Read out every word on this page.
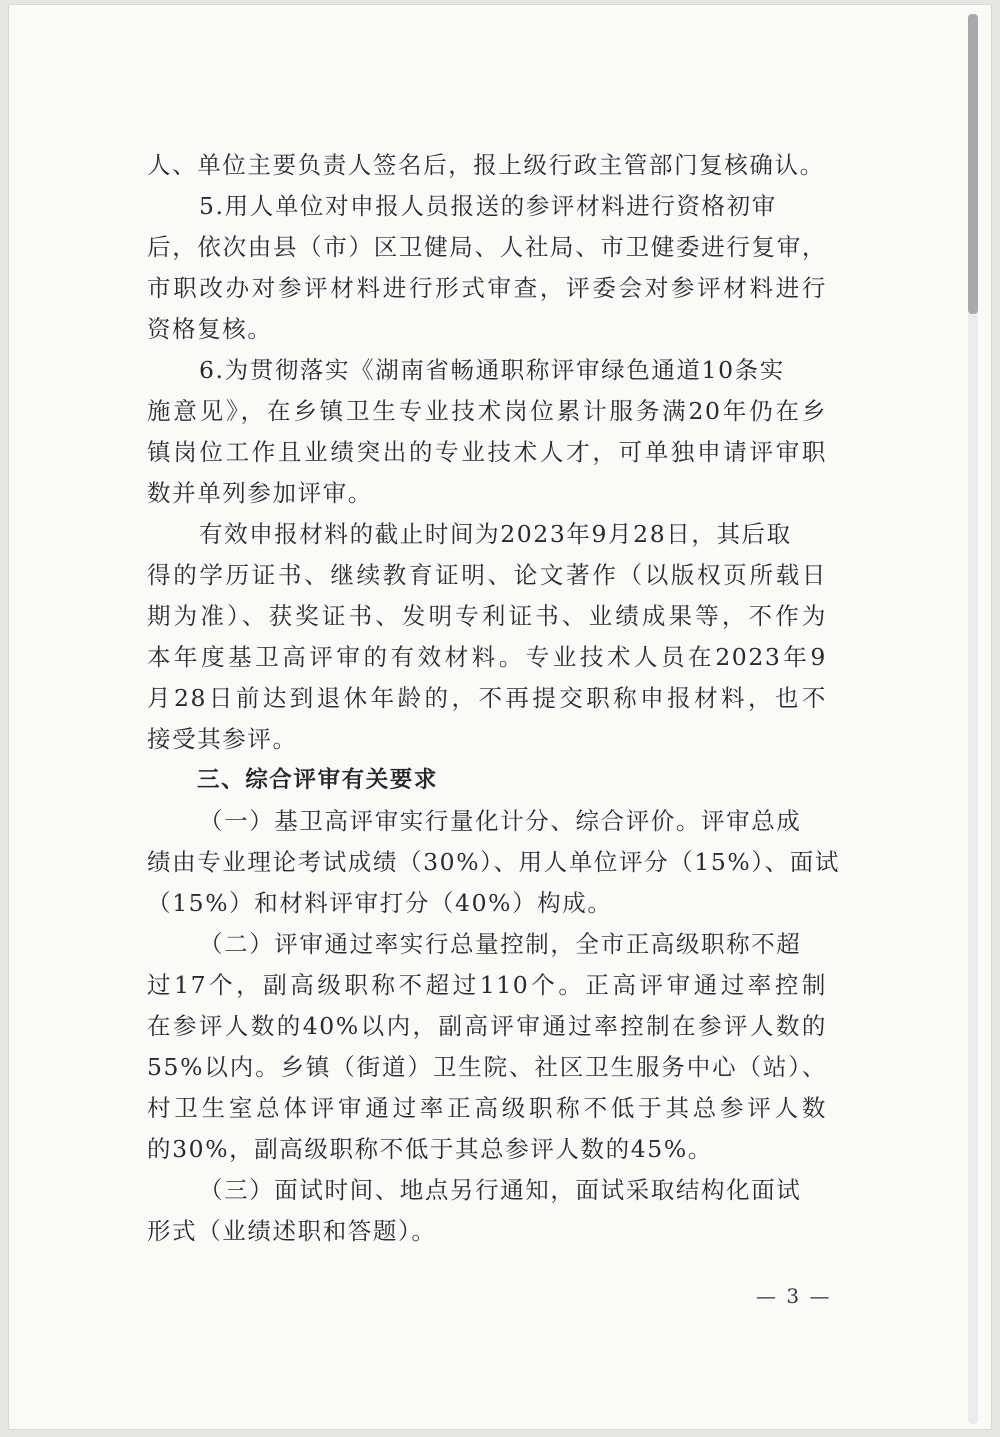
人、单位主要负责人签名后，报上级行政主管部门复核确认。
5.用人单位对申报人员报送的参评材料进行资格初审
后，依次由县（市）区卫健局、人社局、市卫健委进行复审，
市职改办对参评材料进行形式审查，评委会对参评材料进行
资格复核。
6.为贯彻落实《湖南省畅通职称评审绿色通道10条实
施意见》，在乡镇卫生专业技术岗位累计服务满20年仍在乡
镇岗位工作且业绩突出的专业技术人才，可单独申请评审职
数并单列参加评审。
有效申报材料的截止时间为2023年9月28日，其后取
得的学历证书、继续教育证明、论文著作（以版权页所载日
期为准）、获奖证书、发明专利证书、业绩成果等，不作为
本年度基卫高评审的有效材料。专业技术人员在2023年9
月28日前达到退休年龄的，不再提交职称申报材料，也不
接受其参评。
三、综合评审有关要求
（一）基卫高评审实行量化计分、综合评价。评审总成
绩由专业理论考试成绩（30%）、用人单位评分（15%）、面试
（15%）和材料评审打分（40%）构成。
（二）评审通过率实行总量控制，全市正高级职称不超
过17个，副高级职称不超过110个。正高评审通过率控制
在参评人数的40%以内，副高评审通过率控制在参评人数的
55%以内。乡镇（街道）卫生院、社区卫生服务中心（站）、
村卫生室总体评审通过率正高级职称不低于其总参评人数
的30%，副高级职称不低于其总参评人数的45%。
（三）面试时间、地点另行通知，面试采取结构化面试
形式（业绩述职和答题）。
— 3 —
